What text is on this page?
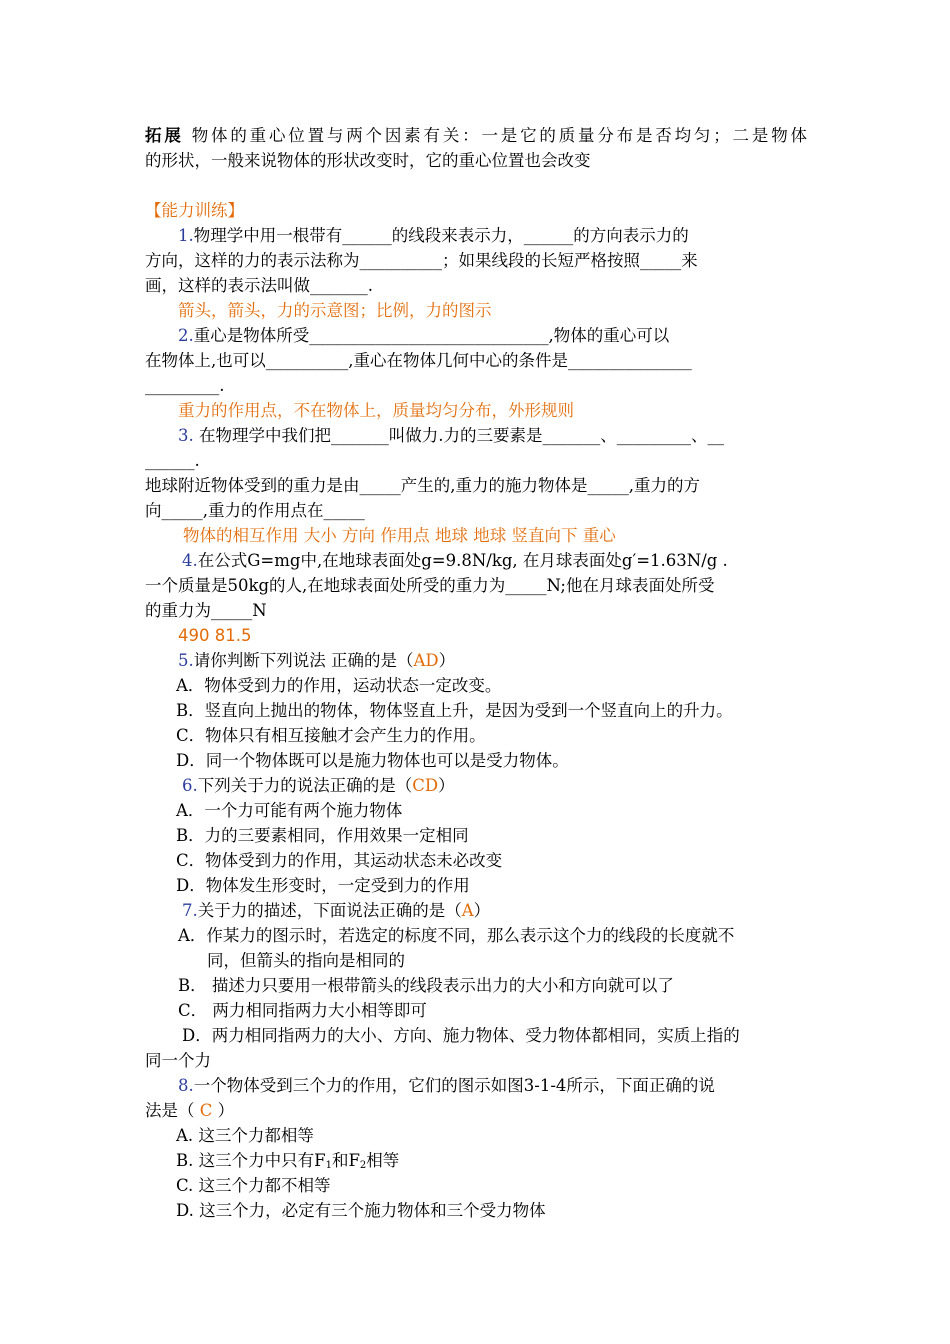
拓展 物体的重心位置与两个因素有关：一是它的质量分布是否均匀；二是物体
的形状，一般来说物体的形状改变时，它的重心位置也会改变
【能力训练】
1.物理学中用一根带有______的线段来表示力，______的方向表示力的
方向，这样的力的表示法称为__________；如果线段的长短严格按照_____来
画，这样的表示法叫做_______.
箭头，箭头，力的示意图；比例，力的图示
2.重心是物体所受_____________________________,物体的重心可以
在物体上,也可以__________,重心在物体几何中心的条件是_______________
_________.
重力的作用点，不在物体上，质量均匀分布，外形规则
3. 在物理学中我们把_______叫做力.力的三要素是_______、_________、__
______.
地球附近物体受到的重力是由_____产生的,重力的施力物体是_____,重力的方
向_____,重力的作用点在_____
物体的相互作用 大小 方向 作用点 地球 地球 竖直向下 重心
4.在公式G=mg中,在地球表面处g=9.8N/kg, 在月球表面处g′=1.63N/g .
一个质量是50kg的人,在地球表面处所受的重力为_____N;他在月球表面处所受
的重力为_____N
490 81.5
5.请你判断下列说法 正确的是（AD）
A．物体受到力的作用，运动状态一定改变。
B．竖直向上抛出的物体，物体竖直上升，是因为受到一个竖直向上的升力。
C．物体只有相互接触才会产生力的作用。
D．同一个物体既可以是施力物体也可以是受力物体。
6.下列关于力的说法正确的是（CD）
A．一个力可能有两个施力物体
B．力的三要素相同，作用效果一定相同
C．物体受到力的作用，其运动状态未必改变
D．物体发生形变时，一定受到力的作用
7.关于力的描述，下面说法正确的是（A）
A．作某力的图示时，若选定的标度不同，那么表示这个力的线段的长度就不
同，但箭头的指向是相同的
B． 描述力只要用一根带箭头的线段表示出力的大小和方向就可以了
C． 两力相同指两力大小相等即可
D．两力相同指两力的大小、方向、施力物体、受力物体都相同，实质上指的
同一个力
8.一个物体受到三个力的作用，它们的图示如图3-1-4所示，下面正确的说
法是（ C ）
A. 这三个力都相等
B. 这三个力中只有$F_1$和$F_2$相等
C. 这三个力都不相等
D. 这三个力，必定有三个施力物体和三个受力物体
